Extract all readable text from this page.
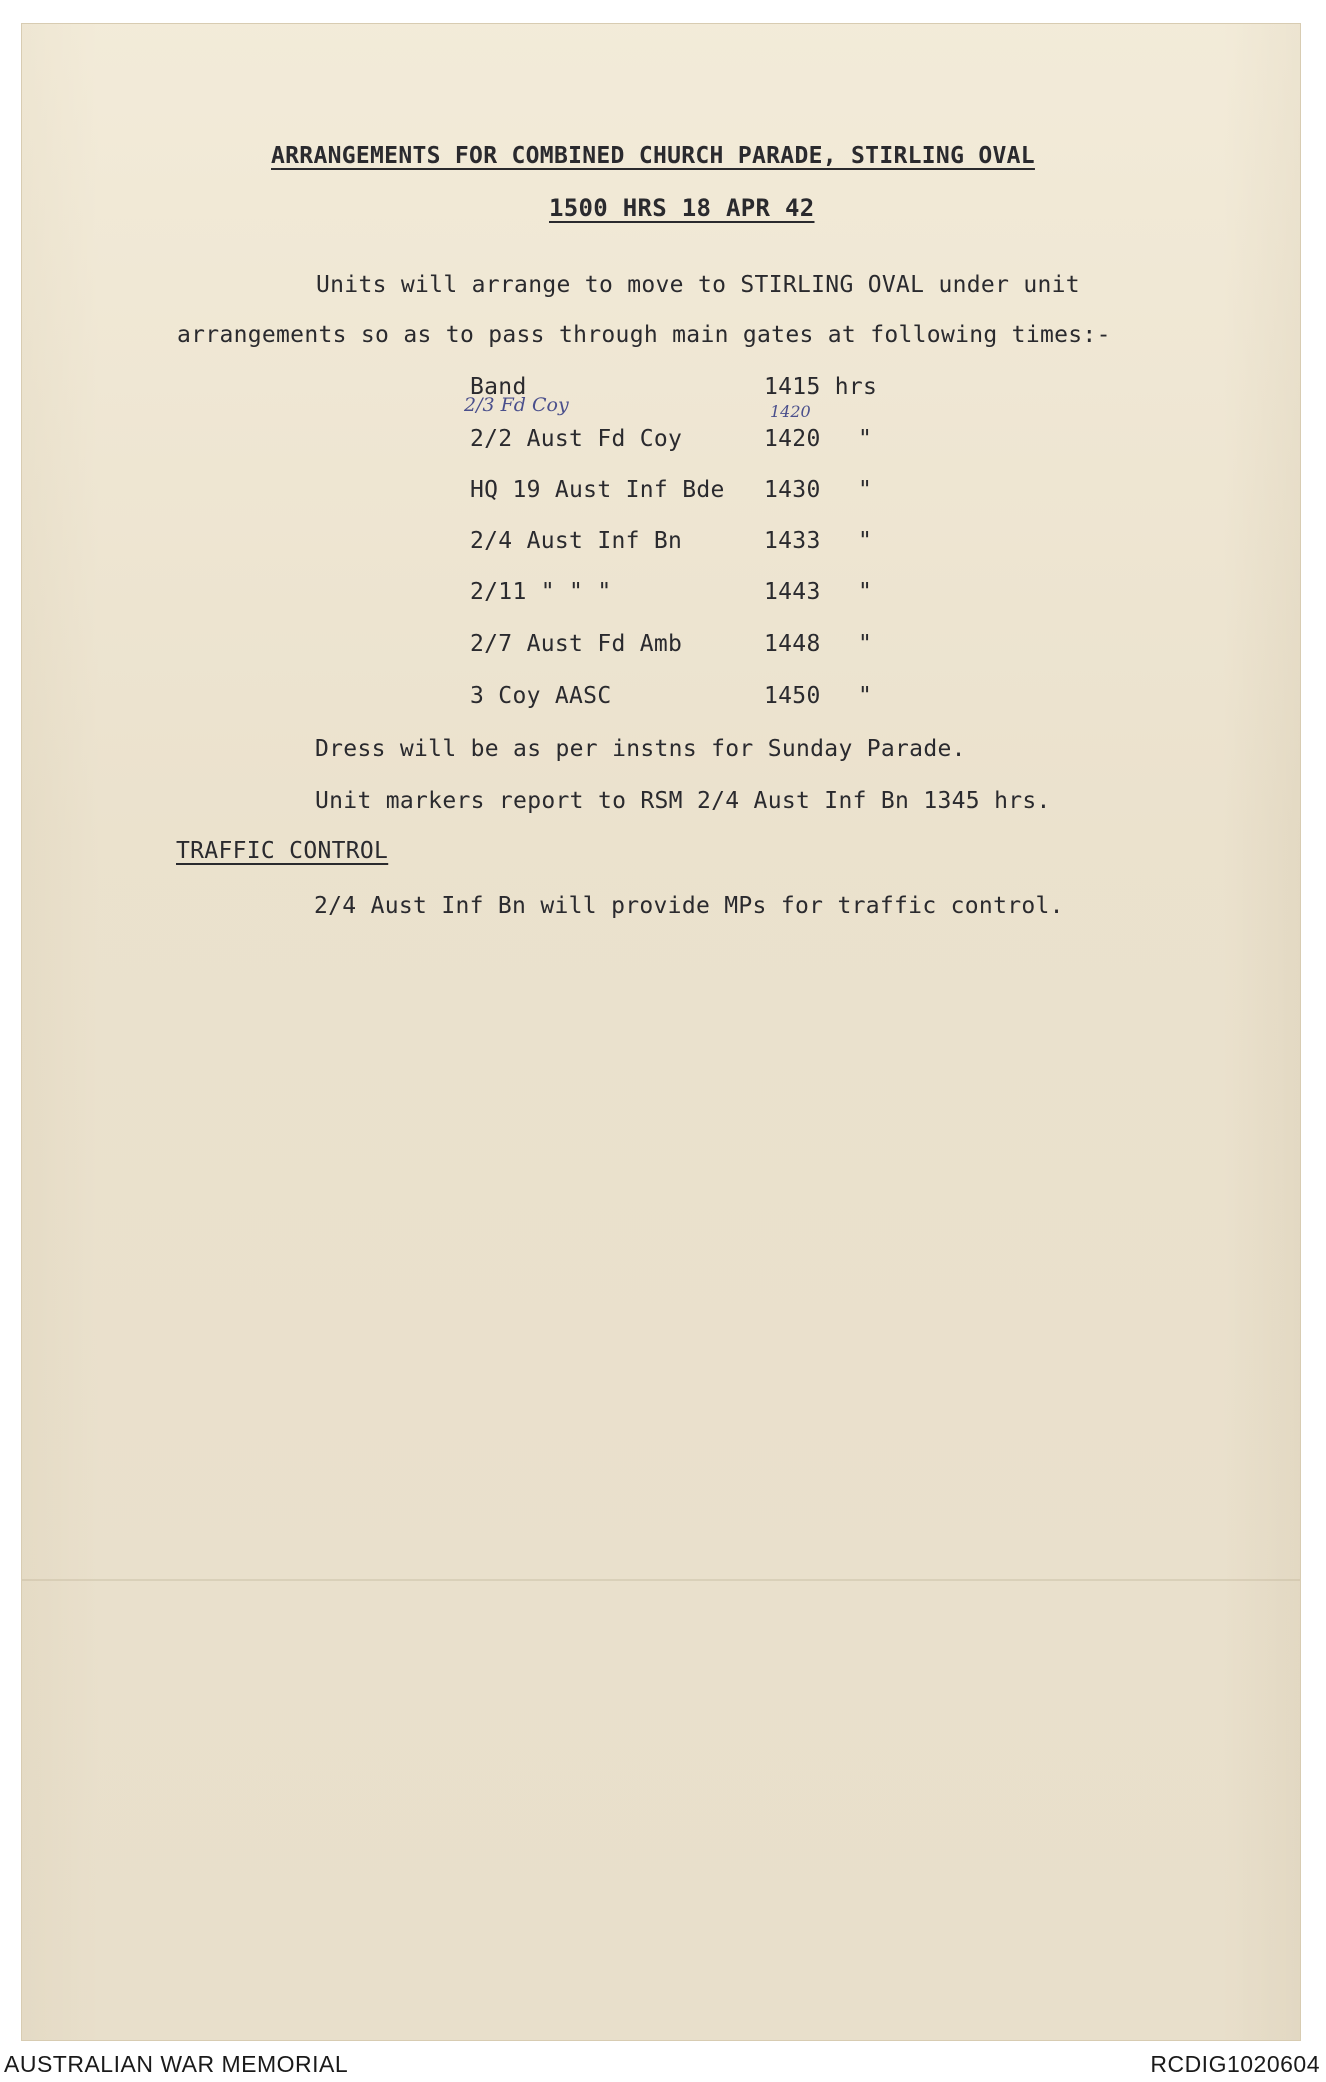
ARRANGEMENTS FOR COMBINED CHURCH PARADE, STIRLING OVAL
1500 HRS 18 APR 42
Units will arrange to move to STIRLING OVAL under unit
arrangements so as to pass through main gates at following times:-
Band	1415 hrs
2/3 Fd Coy	1420
2/2 Aust Fd Coy	1420 "
HQ 19 Aust Inf Bde 1430 "
2/4 Aust Inf Bn	1433 "
2/11 " " "	1443 "
2/7 Aust Fd Amb	1448 "
3 Coy AASC	1450 "
Dress will be as per instns for Sunday Parade.
Unit markers report to RSM 2/4 Aust Inf Bn 1345 hrs.
TRAFFIC CONTROL
2/4 Aust Inf Bn will provide MPs for traffic control.
AUSTRALIAN WAR MEMORIAL	RCDIG1020604
